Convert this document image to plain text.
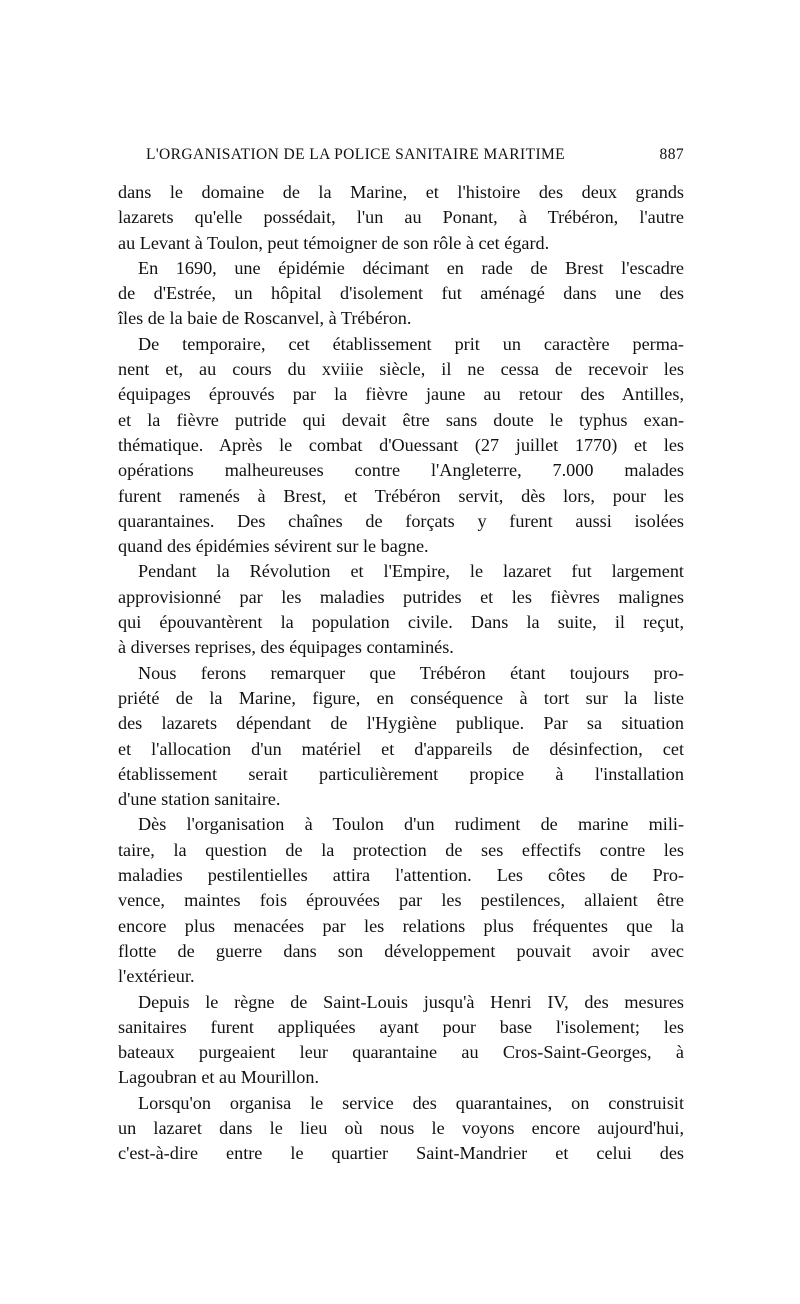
L'ORGANISATION DE LA POLICE SANITAIRE MARITIME	887
dans le domaine de la Marine, et l'histoire des deux grands
lazarets qu'elle possédait, l'un au Ponant, à Trébéron, l'autre
au Levant à Toulon, peut témoigner de son rôle à cet égard.
En 1690, une épidémie décimant en rade de Brest l'escadre
de d'Estrée, un hôpital d'isolement fut aménagé dans une des
îles de la baie de Roscanvel, à Trébéron.
De temporaire, cet établissement prit un caractère perma-
nent et, au cours du xviiie siècle, il ne cessa de recevoir les
équipages éprouvés par la fièvre jaune au retour des Antilles,
et la fièvre putride qui devait être sans doute le typhus exan-
thématique. Après le combat d'Ouessant (27 juillet 1770) et les
opérations malheureuses contre l'Angleterre, 7.000 malades
furent ramenés à Brest, et Trébéron servit, dès lors, pour les
quarantaines. Des chaînes de forçats y furent aussi isolées
quand des épidémies sévirent sur le bagne.
Pendant la Révolution et l'Empire, le lazaret fut largement
approvisionné par les maladies putrides et les fièvres malignes
qui épouvantèrent la population civile. Dans la suite, il reçut,
à diverses reprises, des équipages contaminés.
Nous ferons remarquer que Trébéron étant toujours pro-
priété de la Marine, figure, en conséquence à tort sur la liste
des lazarets dépendant de l'Hygiène publique. Par sa situation
et l'allocation d'un matériel et d'appareils de désinfection, cet
établissement serait particulièrement propice à l'installation
d'une station sanitaire.
Dès l'organisation à Toulon d'un rudiment de marine mili-
taire, la question de la protection de ses effectifs contre les
maladies pestilentielles attira l'attention. Les côtes de Pro-
vence, maintes fois éprouvées par les pestilences, allaient être
encore plus menacées par les relations plus fréquentes que la
flotte de guerre dans son développement pouvait avoir avec
l'extérieur.
Depuis le règne de Saint-Louis jusqu'à Henri IV, des mesures
sanitaires furent appliquées ayant pour base l'isolement; les
bateaux purgeaient leur quarantaine au Cros-Saint-Georges, à
Lagoubran et au Mourillon.
Lorsqu'on organisa le service des quarantaines, on construisit
un lazaret dans le lieu où nous le voyons encore aujourd'hui,
c'est-à-dire entre le quartier Saint-Mandrier et celui des
